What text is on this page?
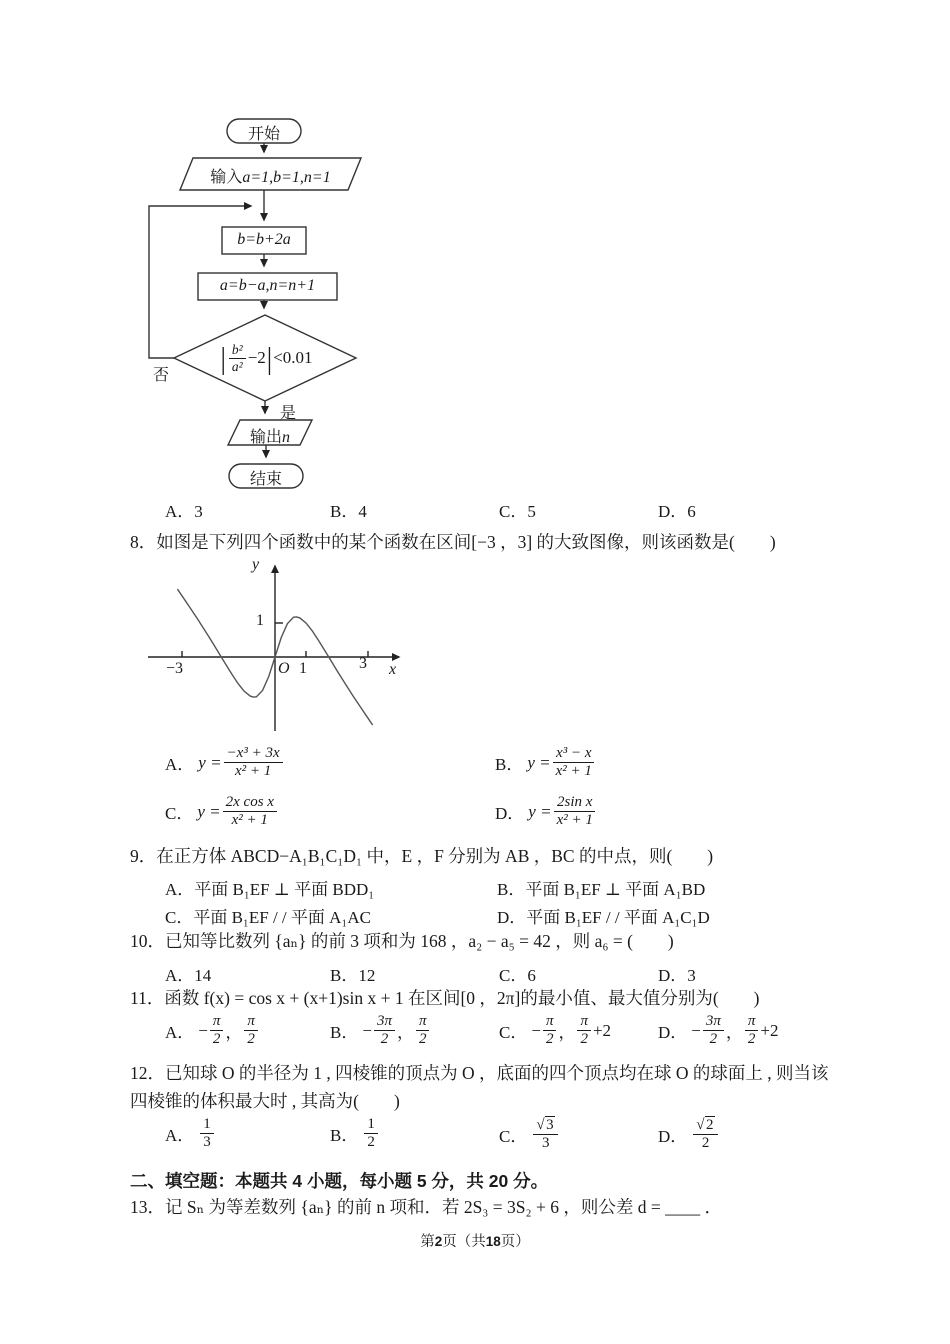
开始
输入a=1,b=1,n=1
b=b+2a
a=b−a,n=n+1
| $\frac{\text{b²}}{\text{a²}} -2$ | <0.01
否
是
输出n
结束
A．3	B．4	C．5	D．6
8．如图是下列四个函数中的某个函数在区间[−3 ，3] 的大致图像，则该函数是(　　)
y
x
O
−3	1	3
1
A． $y = \frac{\text{−x³ + 3x}}{\text{x² + 1}}$	B． $y = \frac{\text{x³ − x}}{\text{x² + 1}}$
C． $y = \frac{\text{2x cos x}}{\text{x² + 1}}$	D． $y = \frac{\text{2sin x}}{\text{x² + 1}}$
9．在正方体 ABCD−A₁B₁C₁D₁ 中，E ，F 分别为 AB ，BC 的中点，则(　　)
A．平面 B₁EF ⊥ 平面 BDD₁	B．平面 B₁EF ⊥ 平面 A₁BD
C．平面 B₁EF / / 平面 A₁AC	D．平面 B₁EF / / 平面 A₁C₁D
10．已知等比数列 {aₙ} 的前 3 项和为 168 ，a₂ − a₅ = 42 ，则 a₆ = (　　)
A．14	B．12	C．6	D．3
11．函数 f(x) = cos x + (x+1)sin x + 1 在区间[0 ，2π]的最小值、最大值分别为(　　)
A． − $\frac{\pi}{2}$ ， $\frac{\pi}{2}$	B． − $\frac{3\pi}{2}$ ， $\frac{\pi}{2}$	C． − $\frac{\pi}{2}$ ， $\frac{\pi}{2} +2$	D． − $\frac{3\pi}{2}$ ， $\frac{\pi}{2} +2$
12．已知球 O 的半径为 1 , 四棱锥的顶点为 O ，底面的四个顶点均在球 O 的球面上 , 则当该
四棱锥的体积最大时 , 其高为(　　)
A． $\frac{1}{3}$	B． $\frac{1}{2}$	C． $\frac{√ 3}{3}$	D． $\frac{√ 2}{2}$
二、填空题：本题共 4 小题，每小题 5 分，共 20 分。
13．记 Sₙ 为等差数列 {aₙ} 的前 n 项和．若 2S₃ = 3S₂ + 6 ，则公差 d = ____ ．
第2页（共18页）
